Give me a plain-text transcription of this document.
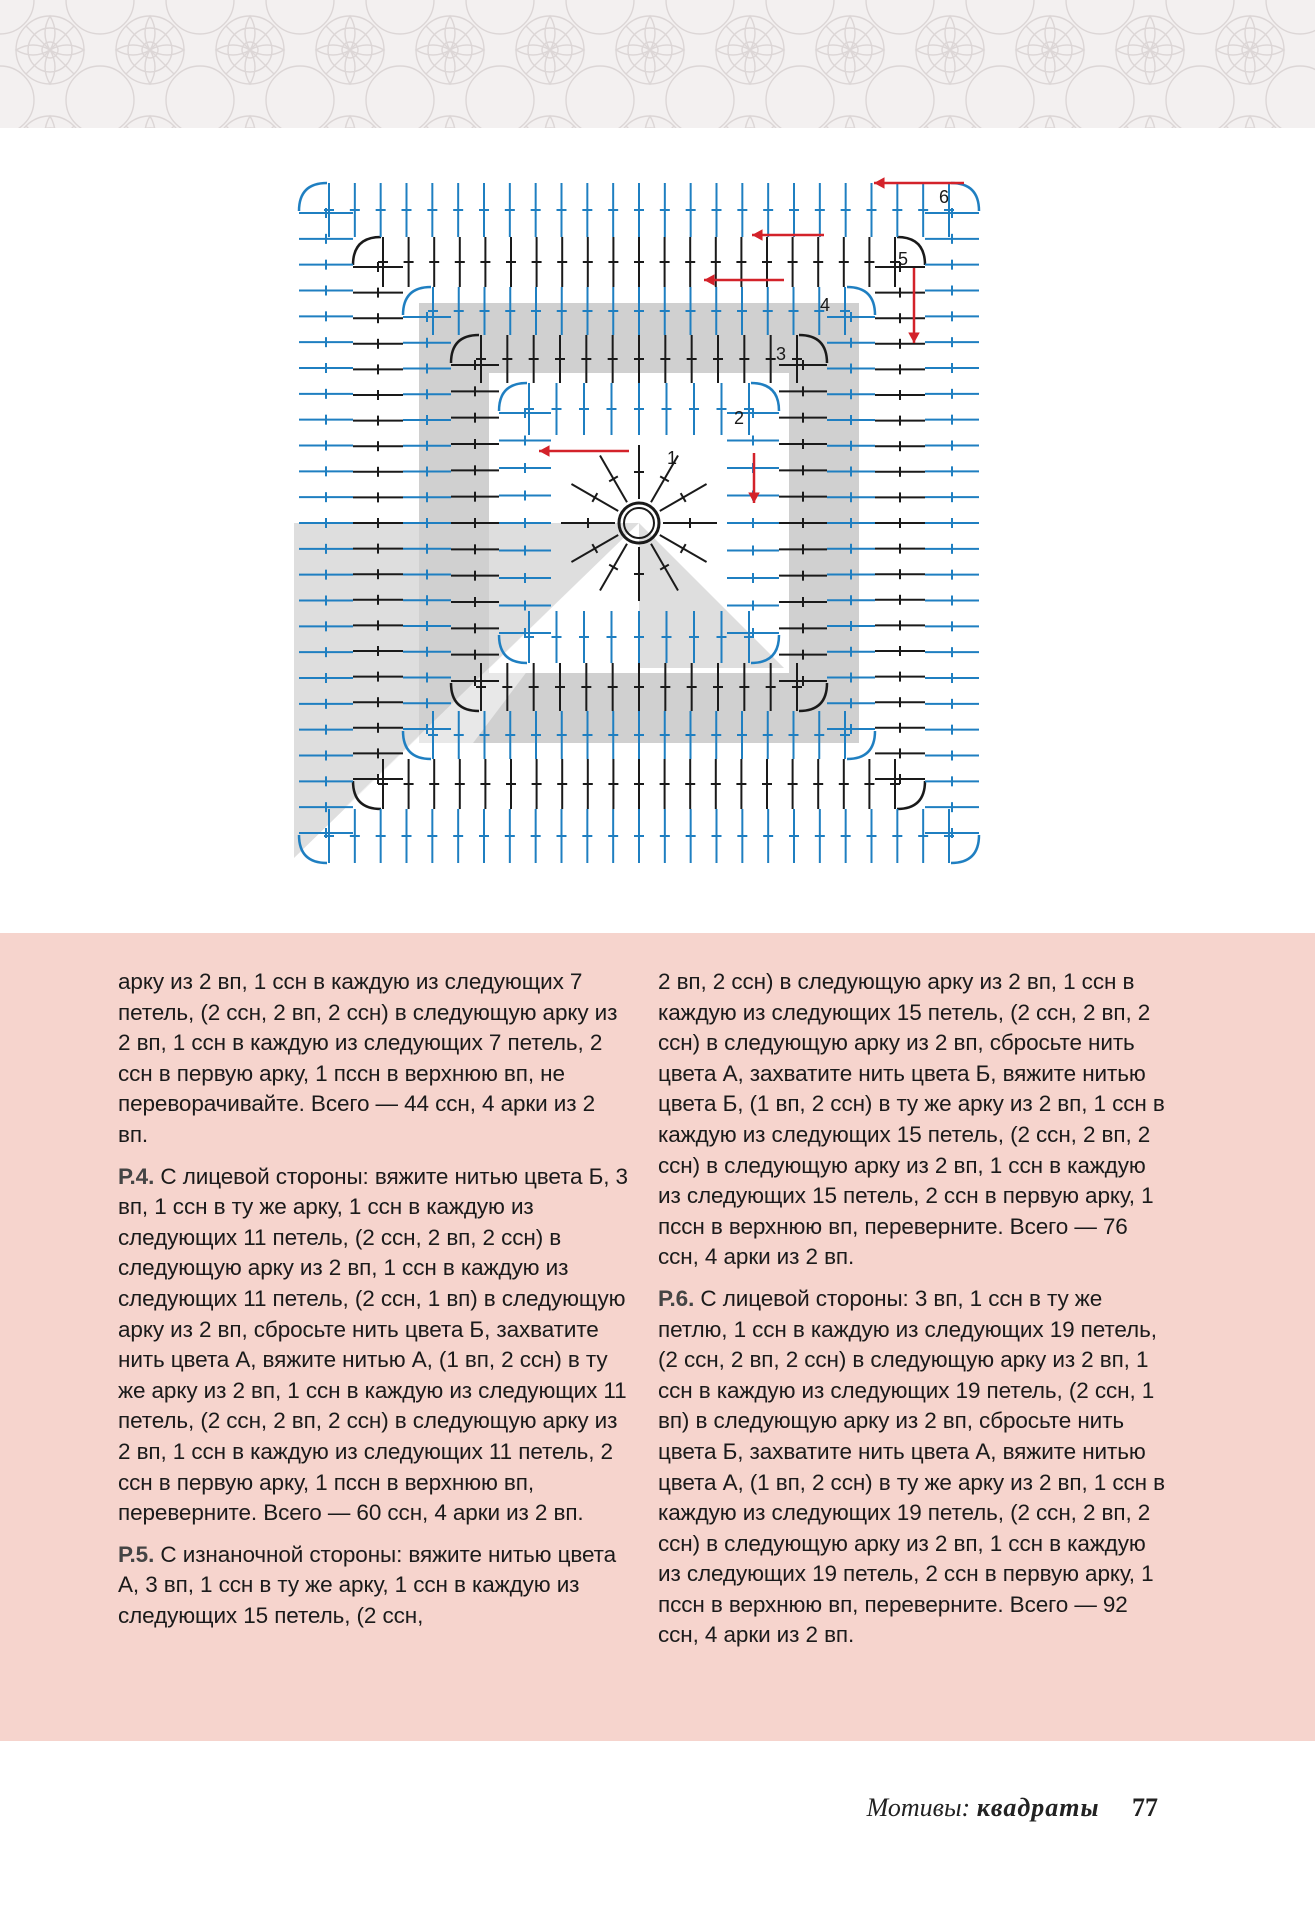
1
2
3
4
5
6

арку из 2 вп, 1 ссн в каждую из следующих 7 петель, (2 ссн, 2 вп, 2 ссн) в следующую арку из 2 вп, 1 ссн в каждую из следующих 7 петель, 2 ссн в первую арку, 1 пссн в верхнюю вп, не переворачивайте. Всего — 44 ссн, 4 арки из 2 вп.

Р.4. С лицевой стороны: вяжите нитью цвета Б, 3 вп, 1 ссн в ту же арку, 1 ссн в каждую из следующих 11 петель, (2 ссн, 2 вп, 2 ссн) в следующую арку из 2 вп, 1 ссн в каждую из следующих 11 петель, (2 ссн, 1 вп) в следующую арку из 2 вп, сбросьте нить цвета Б, захватите нить цвета А, вяжите нитью А, (1 вп, 2 ссн) в ту же арку из 2 вп, 1 ссн в каждую из следующих 11 петель, (2 ссн, 2 вп, 2 ссн) в следующую арку из 2 вп, 1 ссн в каждую из следующих 11 петель, 2 ссн в первую арку, 1 пссн в верхнюю вп, переверните. Всего — 60 ссн, 4 арки из 2 вп.

Р.5. С изнаночной стороны: вяжите нитью цвета А, 3 вп, 1 ссн в ту же арку, 1 ссн в каждую из следующих 15 петель, (2 ссн,

2 вп, 2 ссн) в следующую арку из 2 вп, 1 ссн в каждую из следующих 15 петель, (2 ссн, 2 вп, 2 ссн) в следующую арку из 2 вп, сбросьте нить цвета А, захватите нить цвета Б, вяжите нитью цвета Б, (1 вп, 2 ссн) в ту же арку из 2 вп, 1 ссн в каждую из следующих 15 петель, (2 ссн, 2 вп, 2 ссн) в следующую арку из 2 вп, 1 ссн в каждую из следующих 15 петель, 2 ссн в первую арку, 1 пссн в верхнюю вп, переверните. Всего — 76 ссн, 4 арки из 2 вп.

Р.6. С лицевой стороны: 3 вп, 1 ссн в ту же петлю, 1 ссн в каждую из следующих 19 петель, (2 ссн, 2 вп, 2 ссн) в следующую арку из 2 вп, 1 ссн в каждую из следующих 19 петель, (2 ссн, 1 вп) в следующую арку из 2 вп, сбросьте нить цвета Б, захватите нить цвета А, вяжите нитью цвета А, (1 вп, 2 ссн) в ту же арку из 2 вп, 1 ссн в каждую из следующих 19 петель, (2 ссн, 2 вп, 2 ссн) в следующую арку из 2 вп, 1 ссн в каждую из следующих 19 петель, 2 ссн в первую арку, 1 пссн в верхнюю вп, переверните. Всего — 92 ссн, 4 арки из 2 вп.

Мотивы: квадраты 77
